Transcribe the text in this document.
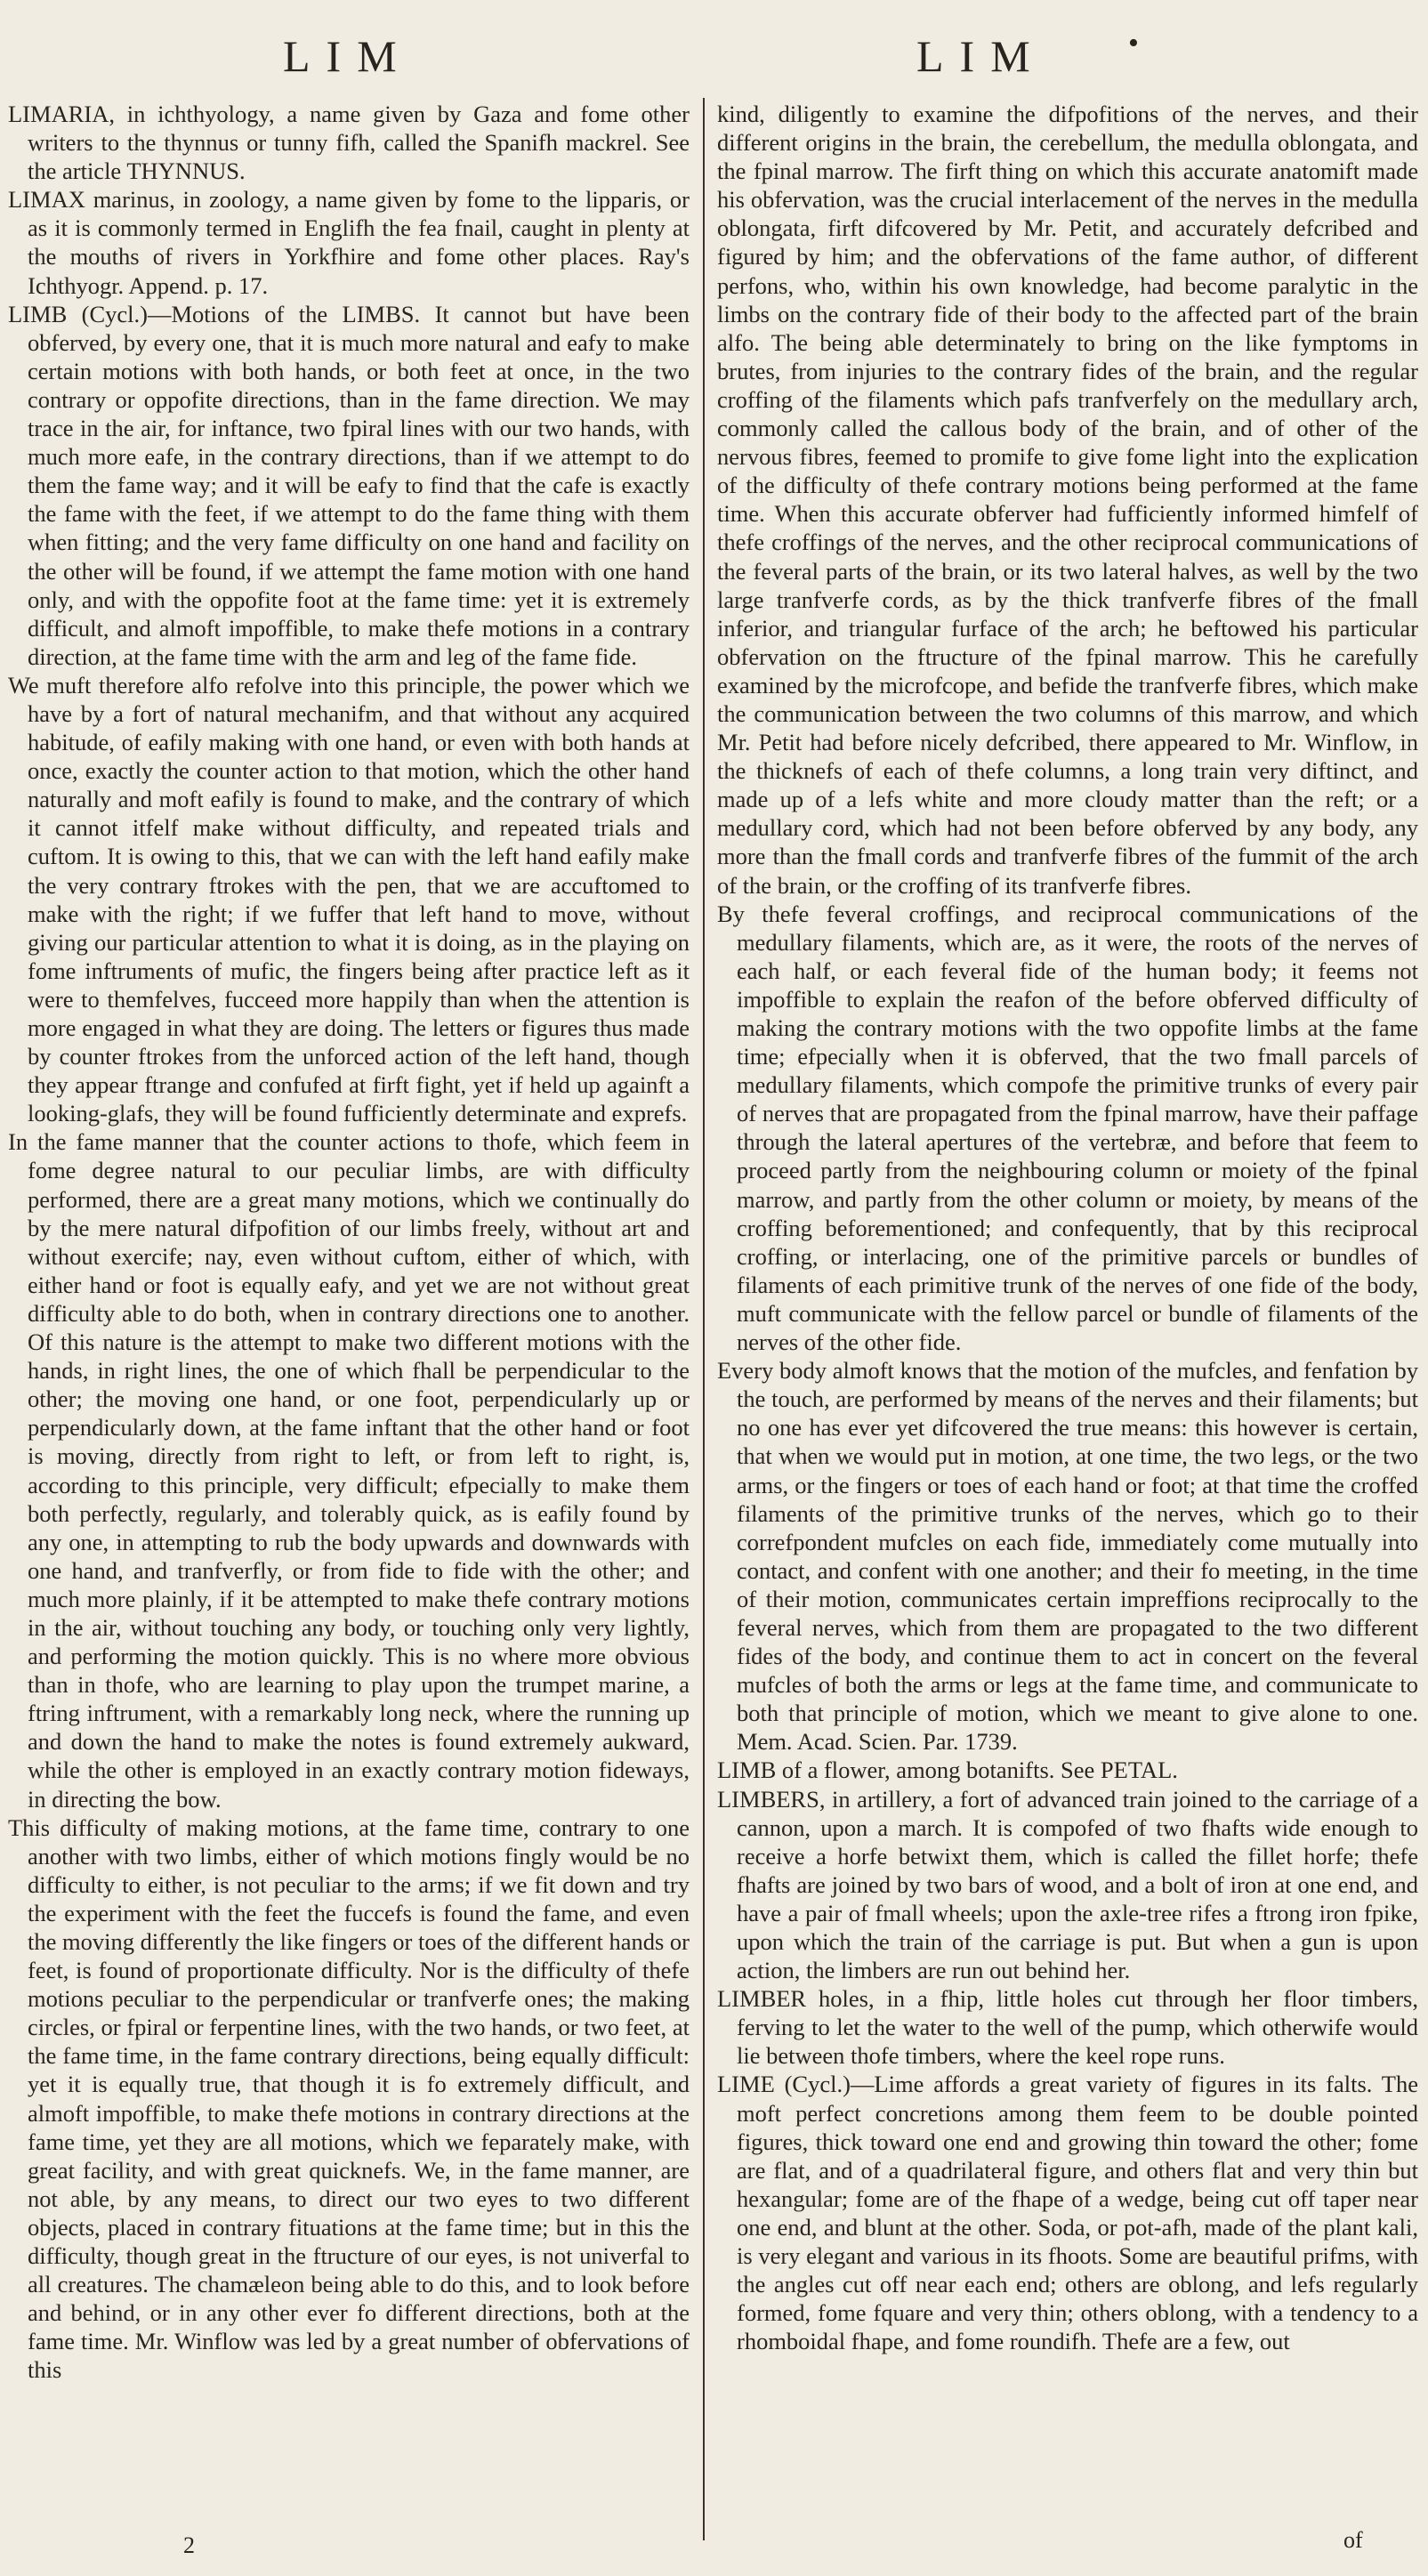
LIM	LIM	•

LIMARIA, in ichthyology, a name given by Gaza and fome other writers to the thynnus or tunny fifh, called the Spanifh mackrel. See the article THYNNUS.

LIMAX marinus, in zoology, a name given by fome to the lipparis, or as it is commonly termed in Englifh the fea fnail, caught in plenty at the mouths of rivers in Yorkfhire and fome other places. Ray's Ichthyogr. Append. p. 17.

LIMB (Cycl.)—Motions of the LIMBS. It cannot but have been obferved, by every one, that it is much more natural and eafy to make certain motions with both hands, or both feet at once, in the two contrary or oppofite directions, than in the fame direction. We may trace in the air, for inftance, two fpiral lines with our two hands, with much more eafe, in the contrary directions, than if we attempt to do them the fame way; and it will be eafy to find that the cafe is exactly the fame with the feet, if we attempt to do the fame thing with them when fitting; and the very fame difficulty on one hand and facility on the other will be found, if we attempt the fame motion with one hand only, and with the oppofite foot at the fame time: yet it is extremely difficult, and almoft impoffible, to make thefe motions in a contrary direction, at the fame time with the arm and leg of the fame fide.

We muft therefore alfo refolve into this principle, the power which we have by a fort of natural mechanifm, and that without any acquired habitude, of eafily making with one hand, or even with both hands at once, exactly the counter action to that motion, which the other hand naturally and moft eafily is found to make, and the contrary of which it cannot itfelf make without difficulty, and repeated trials and cuftom. It is owing to this, that we can with the left hand eafily make the very contrary ftrokes with the pen, that we are accuftomed to make with the right; if we fuffer that left hand to move, without giving our particular attention to what it is doing, as in the playing on fome inftruments of mufic, the fingers being after practice left as it were to themfelves, fucceed more happily than when the attention is more engaged in what they are doing. The letters or figures thus made by counter ftrokes from the unforced action of the left hand, though they appear ftrange and confufed at firft fight, yet if held up againft a looking-glafs, they will be found fufficiently determinate and exprefs.

In the fame manner that the counter actions to thofe, which feem in fome degree natural to our peculiar limbs, are with difficulty performed, there are a great many motions, which we continually do by the mere natural difpofition of our limbs freely, without art and without exercife; nay, even without cuftom, either of which, with either hand or foot is equally eafy, and yet we are not without great difficulty able to do both, when in contrary directions one to another. Of this nature is the attempt to make two different motions with the hands, in right lines, the one of which fhall be perpendicular to the other; the moving one hand, or one foot, perpendicularly up or perpendicularly down, at the fame inftant that the other hand or foot is moving, directly from right to left, or from left to right, is, according to this principle, very difficult; efpecially to make them both perfectly, regularly, and tolerably quick, as is eafily found by any one, in attempting to rub the body upwards and downwards with one hand, and tranfverfly, or from fide to fide with the other; and much more plainly, if it be attempted to make thefe contrary motions in the air, without touching any body, or touching only very lightly, and performing the motion quickly. This is no where more obvious than in thofe, who are learning to play upon the trumpet marine, a ftring inftrument, with a remarkably long neck, where the running up and down the hand to make the notes is found extremely aukward, while the other is employed in an exactly contrary motion fideways, in directing the bow.

This difficulty of making motions, at the fame time, contrary to one another with two limbs, either of which motions fingly would be no difficulty to either, is not peculiar to the arms; if we fit down and try the experiment with the feet the fuccefs is found the fame, and even the moving differently the like fingers or toes of the different hands or feet, is found of proportionate difficulty. Nor is the difficulty of thefe motions peculiar to the perpendicular or tranfverfe ones; the making circles, or fpiral or ferpentine lines, with the two hands, or two feet, at the fame time, in the fame contrary directions, being equally difficult: yet it is equally true, that though it is fo extremely difficult, and almoft impoffible, to make thefe motions in contrary directions at the fame time, yet they are all motions, which we feparately make, with great facility, and with great quicknefs. We, in the fame manner, are not able, by any means, to direct our two eyes to two different objects, placed in contrary fituations at the fame time; but in this the difficulty, though great in the ftructure of our eyes, is not univerfal to all creatures. The chamæleon being able to do this, and to look before and behind, or in any other ever fo different directions, both at the fame time. Mr. Winflow was led by a great number of obfervations of this

kind, diligently to examine the difpofitions of the nerves, and their different origins in the brain, the cerebellum, the medulla oblongata, and the fpinal marrow. The firft thing on which this accurate anatomift made his obfervation, was the crucial interlacement of the nerves in the medulla oblongata, firft difcovered by Mr. Petit, and accurately defcribed and figured by him; and the obfervations of the fame author, of different perfons, who, within his own knowledge, had become paralytic in the limbs on the contrary fide of their body to the affected part of the brain alfo. The being able determinately to bring on the like fymptoms in brutes, from injuries to the contrary fides of the brain, and the regular croffing of the filaments which pafs tranfverfely on the medullary arch, commonly called the callous body of the brain, and of other of the nervous fibres, feemed to promife to give fome light into the explication of the difficulty of thefe contrary motions being performed at the fame time. When this accurate obferver had fufficiently informed himfelf of thefe croffings of the nerves, and the other reciprocal communications of the feveral parts of the brain, or its two lateral halves, as well by the two large tranfverfe cords, as by the thick tranfverfe fibres of the fmall inferior, and triangular furface of the arch; he beftowed his particular obfervation on the ftructure of the fpinal marrow. This he carefully examined by the microfcope, and befide the tranfverfe fibres, which make the communication between the two columns of this marrow, and which Mr. Petit had before nicely defcribed, there appeared to Mr. Winflow, in the thicknefs of each of thefe columns, a long train very diftinct, and made up of a lefs white and more cloudy matter than the reft; or a medullary cord, which had not been before obferved by any body, any more than the fmall cords and tranfverfe fibres of the fummit of the arch of the brain, or the croffing of its tranfverfe fibres.

By thefe feveral croffings, and reciprocal communications of the medullary filaments, which are, as it were, the roots of the nerves of each half, or each feveral fide of the human body; it feems not impoffible to explain the reafon of the before obferved difficulty of making the contrary motions with the two oppofite limbs at the fame time; efpecially when it is obferved, that the two fmall parcels of medullary filaments, which compofe the primitive trunks of every pair of nerves that are propagated from the fpinal marrow, have their paffage through the lateral apertures of the vertebræ, and before that feem to proceed partly from the neighbouring column or moiety of the fpinal marrow, and partly from the other column or moiety, by means of the croffing beforementioned; and confequently, that by this reciprocal croffing, or interlacing, one of the primitive parcels or bundles of filaments of each primitive trunk of the nerves of one fide of the body, muft communicate with the fellow parcel or bundle of filaments of the nerves of the other fide.

Every body almoft knows that the motion of the mufcles, and fenfation by the touch, are performed by means of the nerves and their filaments; but no one has ever yet difcovered the true means: this however is certain, that when we would put in motion, at one time, the two legs, or the two arms, or the fingers or toes of each hand or foot; at that time the croffed filaments of the primitive trunks of the nerves, which go to their correfpondent mufcles on each fide, immediately come mutually into contact, and confent with one another; and their fo meeting, in the time of their motion, communicates certain impreffions reciprocally to the feveral nerves, which from them are propagated to the two different fides of the body, and continue them to act in concert on the feveral mufcles of both the arms or legs at the fame time, and communicate to both that principle of motion, which we meant to give alone to one. Mem. Acad. Scien. Par. 1739.

LIMB of a flower, among botanifts. See PETAL.

LIMBERS, in artillery, a fort of advanced train joined to the carriage of a cannon, upon a march. It is compofed of two fhafts wide enough to receive a horfe betwixt them, which is called the fillet horfe; thefe fhafts are joined by two bars of wood, and a bolt of iron at one end, and have a pair of fmall wheels; upon the axle-tree rifes a ftrong iron fpike, upon which the train of the carriage is put. But when a gun is upon action, the limbers are run out behind her.

LIMBER holes, in a fhip, little holes cut through her floor timbers, ferving to let the water to the well of the pump, which otherwife would lie between thofe timbers, where the keel rope runs.

LIME (Cycl.)—Lime affords a great variety of figures in its falts. The moft perfect concretions among them feem to be double pointed figures, thick toward one end and growing thin toward the other; fome are flat, and of a quadrilateral figure, and others flat and very thin but hexangular; fome are of the fhape of a wedge, being cut off taper near one end, and blunt at the other. Soda, or pot-afh, made of the plant kali, is very elegant and various in its fhoots. Some are beautiful prifms, with the angles cut off near each end; others are oblong, and lefs regularly formed, fome fquare and very thin; others oblong, with a tendency to a rhomboidal fhape, and fome roundifh. Thefe are a few, out

2	of
